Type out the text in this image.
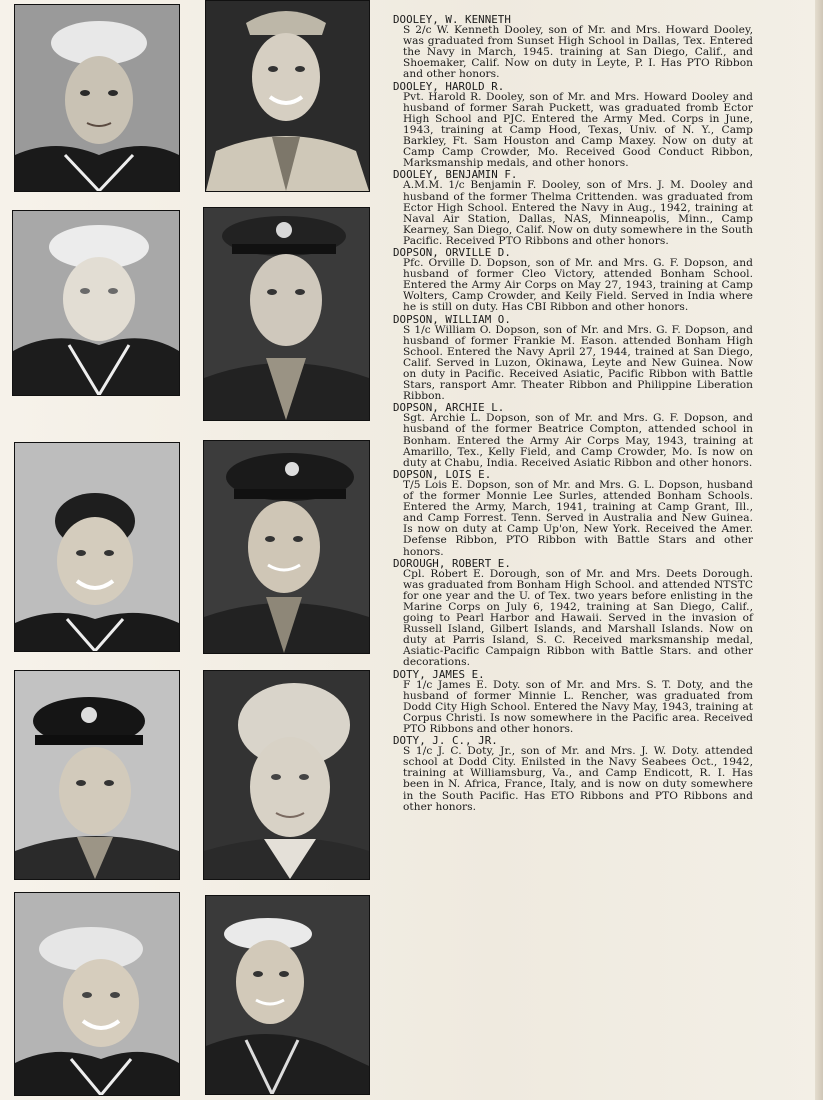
DOOLEY, W. KENNETH
S 2/c W. Kenneth Dooley, son of Mr. and Mrs. Howard Dooley, was graduated from Sunset High School in Dallas, Tex. Entered the Navy in March, 1945. training at San Diego, Calif., and Shoemaker, Calif. Now on duty in Leyte, P. I. Has PTO Ribbon and other honors.
DOOLEY, HAROLD R.
Pvt. Harold R. Dooley, son of Mr. and Mrs. Howard Dooley and husband of former Sarah Puckett, was graduated fromb Ector High School and PJC. Entered the Army Med. Corps in June, 1943, training at Camp Hood, Texas, Univ. of N. Y., Camp Barkley, Ft. Sam Houston and Camp Maxey. Now on duty at Camp Camp Crowder, Mo. Received Good Conduct Ribbon, Marksmanship medals, and other honors.
DOOLEY, BENJAMIN F.
A.M.M. 1/c Benjamin F. Dooley, son of Mrs. J. M. Dooley and husband of the former Thelma Crittenden. was graduated from Ector High School. Entered the Navy in Aug., 1942, training at Naval Air Station, Dallas, NAS, Minneapolis, Minn., Camp Kearney, San Diego, Calif. Now on duty somewhere in the South Pacific. Received PTO Ribbons and other honors.
DOPSON, ORVILLE D.
Pfc. Orville D. Dopson, son of Mr. and Mrs. G. F. Dopson, and husband of former Cleo Victory, attended Bonham School. Entered the Army Air Corps on May 27, 1943, training at Camp Wolters, Camp Crowder, and Keily Field. Served in India where he is still on duty. Has CBI Ribbon and other honors.
DOPSON, WILLIAM O.
S 1/c William O. Dopson, son of Mr. and Mrs. G. F. Dopson, and husband of former Frankie M. Eason. attended Bonham High School. Entered the Navy April 27, 1944, trained at San Diego, Calif. Served in Luzon, Okinawa, Leyte and New Guinea. Now on duty in Pacific. Received Asiatic, Pacific Ribbon with Battle Stars, ransport Amr. Theater Ribbon and Philippine Liberation Ribbon.
DOPSON, ARCHIE L.
Sgt. Archie L. Dopson, son of Mr. and Mrs. G. F. Dopson, and husband of the former Beatrice Compton, attended school in Bonham. Entered the Army Air Corps May, 1943, training at Amarillo, Tex., Kelly Field, and Camp Crowder, Mo. Is now on duty at Chabu, India. Received Asiatic Ribbon and other honors.
DOPSON, LOIS E.
T/5 Lois E. Dopson, son of Mr. and Mrs. G. L. Dopson, husband of the former Monnie Lee Surles, attended Bonham Schools. Entered the Army, March, 1941, training at Camp Grant, Ill., and Camp Forrest. Tenn. Served in Australia and New Guinea. Is now on duty at Camp Up'on, New York. Received the Amer. Defense Ribbon, PTO Ribbon with Battle Stars and other honors.
DOROUGH, ROBERT E.
Cpl. Robert E. Dorough, son of Mr. and Mrs. Deets Dorough. was graduated from Bonham High School. and attended NTSTC for one year and the U. of Tex. two years before enlisting in the Marine Corps on July 6, 1942, training at San Diego, Calif., going to Pearl Harbor and Hawaii. Served in the invasion of Russell Island, Gilbert Islands, and Marshall Islands. Now on duty at Parris Island, S. C. Received marksmanship medal, Asiatic-Pacific Campaign Ribbon with Battle Stars. and other decorations.
DOTY, JAMES E.
F 1/c James E. Doty. son of Mr. and Mrs. S. T. Doty, and the husband of former Minnie L. Rencher, was graduated from Dodd City High School. Entered the Navy May, 1943, training at Corpus Christi. Is now somewhere in the Pacific area. Received PTO Ribbons and other honors.
DOTY, J. C., JR.
S 1/c J. C. Doty, Jr., son of Mr. and Mrs. J. W. Doty. attended school at Dodd City. Enilsted in the Navy Seabees Oct., 1942, training at Williamsburg, Va., and Camp Endicott, R. I. Has been in N. Africa, France, Italy, and is now on duty somewhere in the South Pacific. Has ETO Ribbons and PTO Ribbons and other honors.
